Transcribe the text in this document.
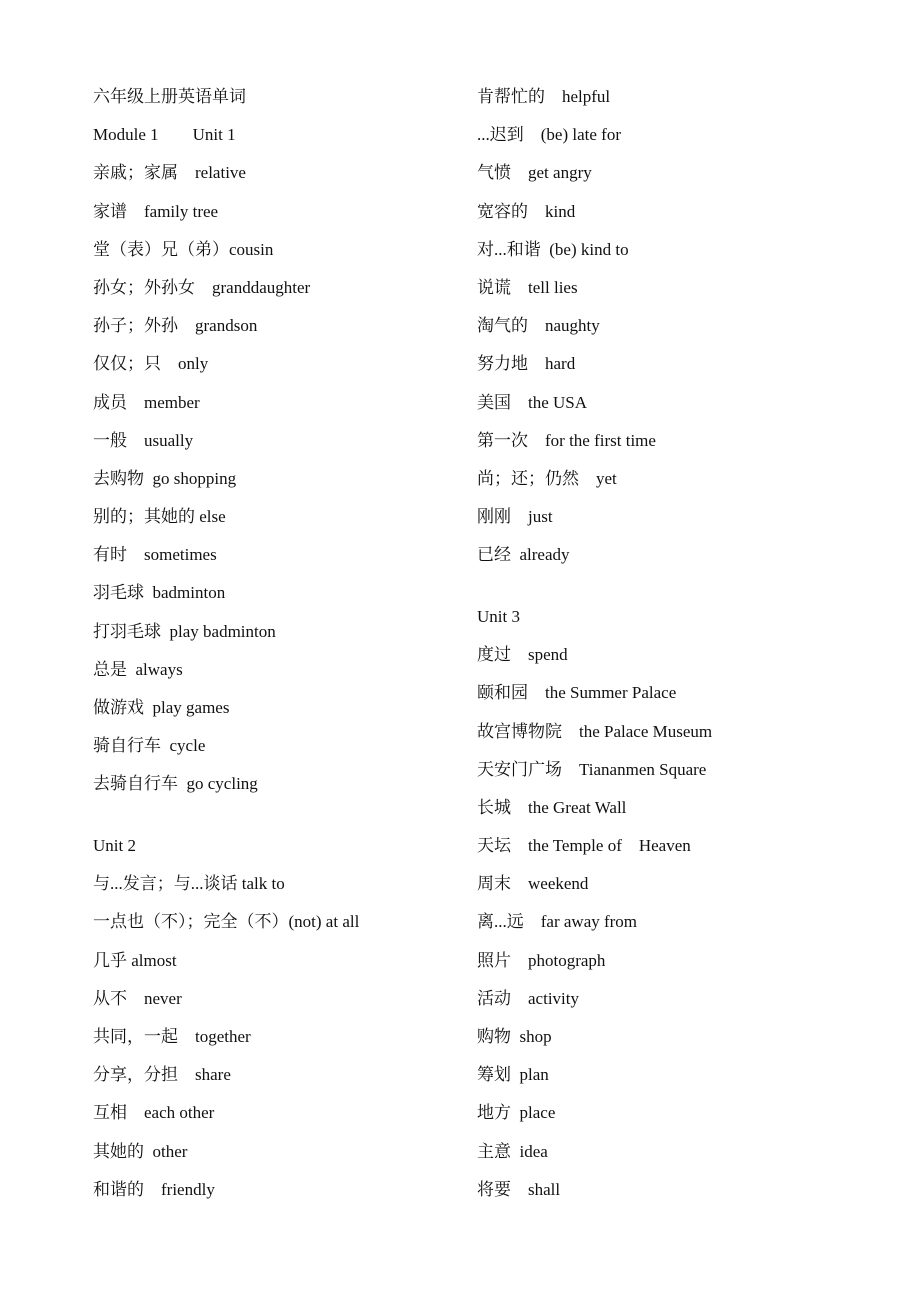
六年级上册英语单词
Module 1        Unit 1
亲戚；家属    relative
家谱    family tree
堂（表）兄（弟）cousin
孙女；外孙女    granddaughter
孙子；外孙    grandson
仅仅；只    only
成员    member
一般    usually
去购物  go shopping
别的；其她的 else
有时    sometimes
羽毛球  badminton
打羽毛球  play badminton
总是  always
做游戏  play games
骑自行车  cycle
去骑自行车  go cycling
Unit 2
与...发言；与...谈话 talk to
一点也（不）；完全（不）(not) at all
几乎 almost
从不    never
共同，一起    together
分享，分担    share
互相    each other
其她的  other
和谐的    friendly
肯帮忙的    helpful
...迟到    (be) late for
气愤    get angry
宽容的    kind
对...和谐  (be) kind to
说谎    tell lies
淘气的    naughty
努力地    hard
美国    the USA
第一次    for the first time
尚；还；仍然    yet
刚刚    just
已经  already
Unit 3
度过    spend
颐和园    the Summer Palace
故宫博物院    the Palace Museum
天安门广场    Tiananmen Square
长城    the Great Wall
天坛    the Temple of    Heaven
周末    weekend
离...远    far away from
照片    photograph
活动    activity
购物  shop
筹划  plan
地方  place
主意  idea
将要    shall
